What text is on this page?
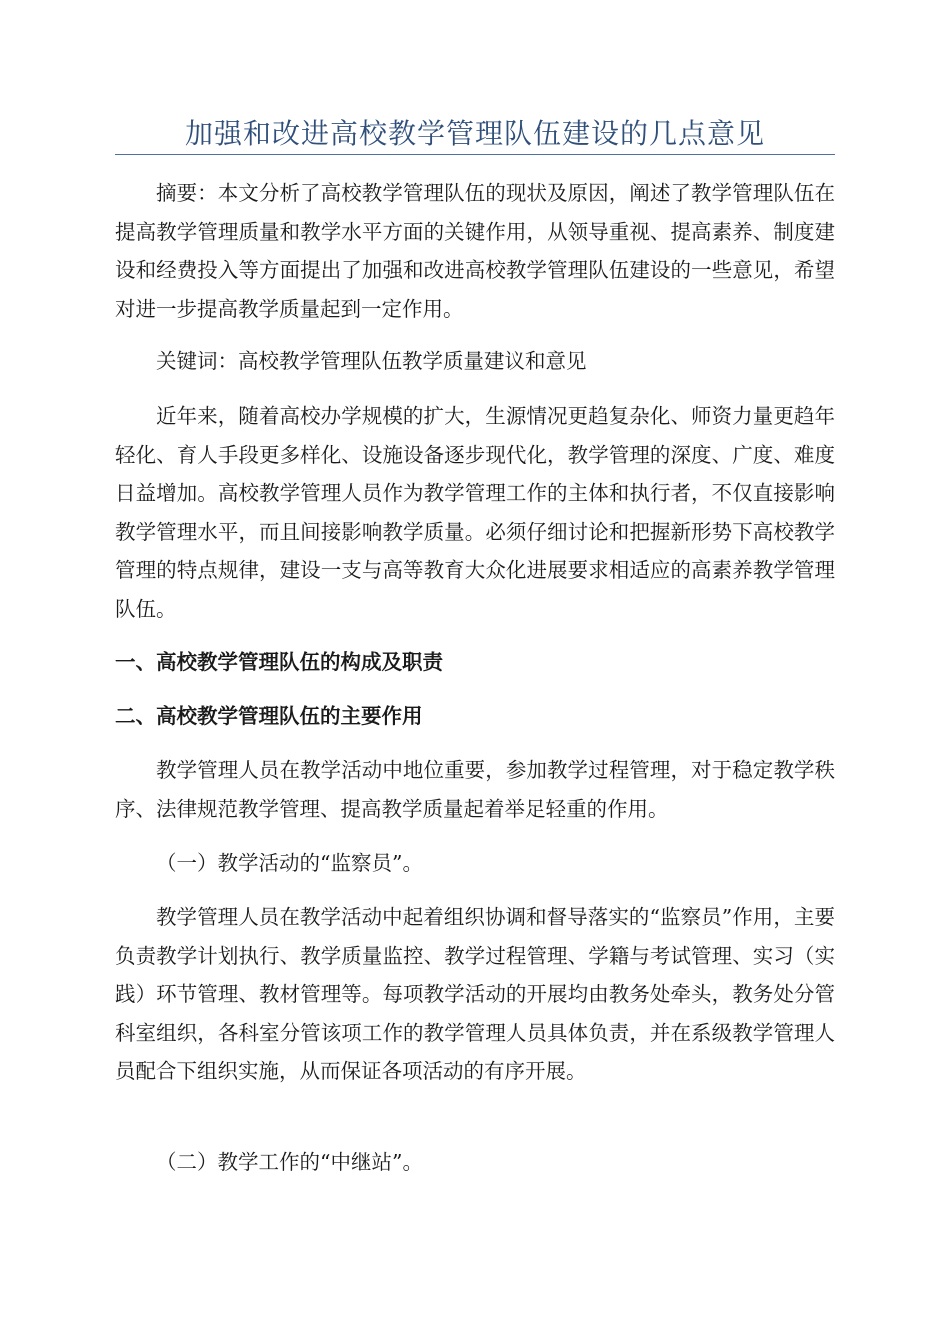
加强和改进高校教学管理队伍建设的几点意见

摘要：本文分析了高校教学管理队伍的现状及原因，阐述了教学管理队伍在提高教学管理质量和教学水平方面的关键作用，从领导重视、提高素养、制度建设和经费投入等方面提出了加强和改进高校教学管理队伍建设的一些意见，希望对进一步提高教学质量起到一定作用。

关键词：高校教学管理队伍教学质量建议和意见

近年来，随着高校办学规模的扩大，生源情况更趋复杂化、师资力量更趋年轻化、育人手段更多样化、设施设备逐步现代化，教学管理的深度、广度、难度日益增加。高校教学管理人员作为教学管理工作的主体和执行者，不仅直接影响教学管理水平，而且间接影响教学质量。必须仔细讨论和把握新形势下高校教学管理的特点规律，建设一支与高等教育大众化进展要求相适应的高素养教学管理队伍。

一、高校教学管理队伍的构成及职责

二、高校教学管理队伍的主要作用

教学管理人员在教学活动中地位重要，参加教学过程管理，对于稳定教学秩序、法律规范教学管理、提高教学质量起着举足轻重的作用。

（一）教学活动的“监察员”。

教学管理人员在教学活动中起着组织协调和督导落实的“监察员”作用，主要负责教学计划执行、教学质量监控、教学过程管理、学籍与考试管理、实习（实践）环节管理、教材管理等。每项教学活动的开展均由教务处牵头，教务处分管科室组织，各科室分管该项工作的教学管理人员具体负责，并在系级教学管理人员配合下组织实施，从而保证各项活动的有序开展。

（二）教学工作的“中继站”。
